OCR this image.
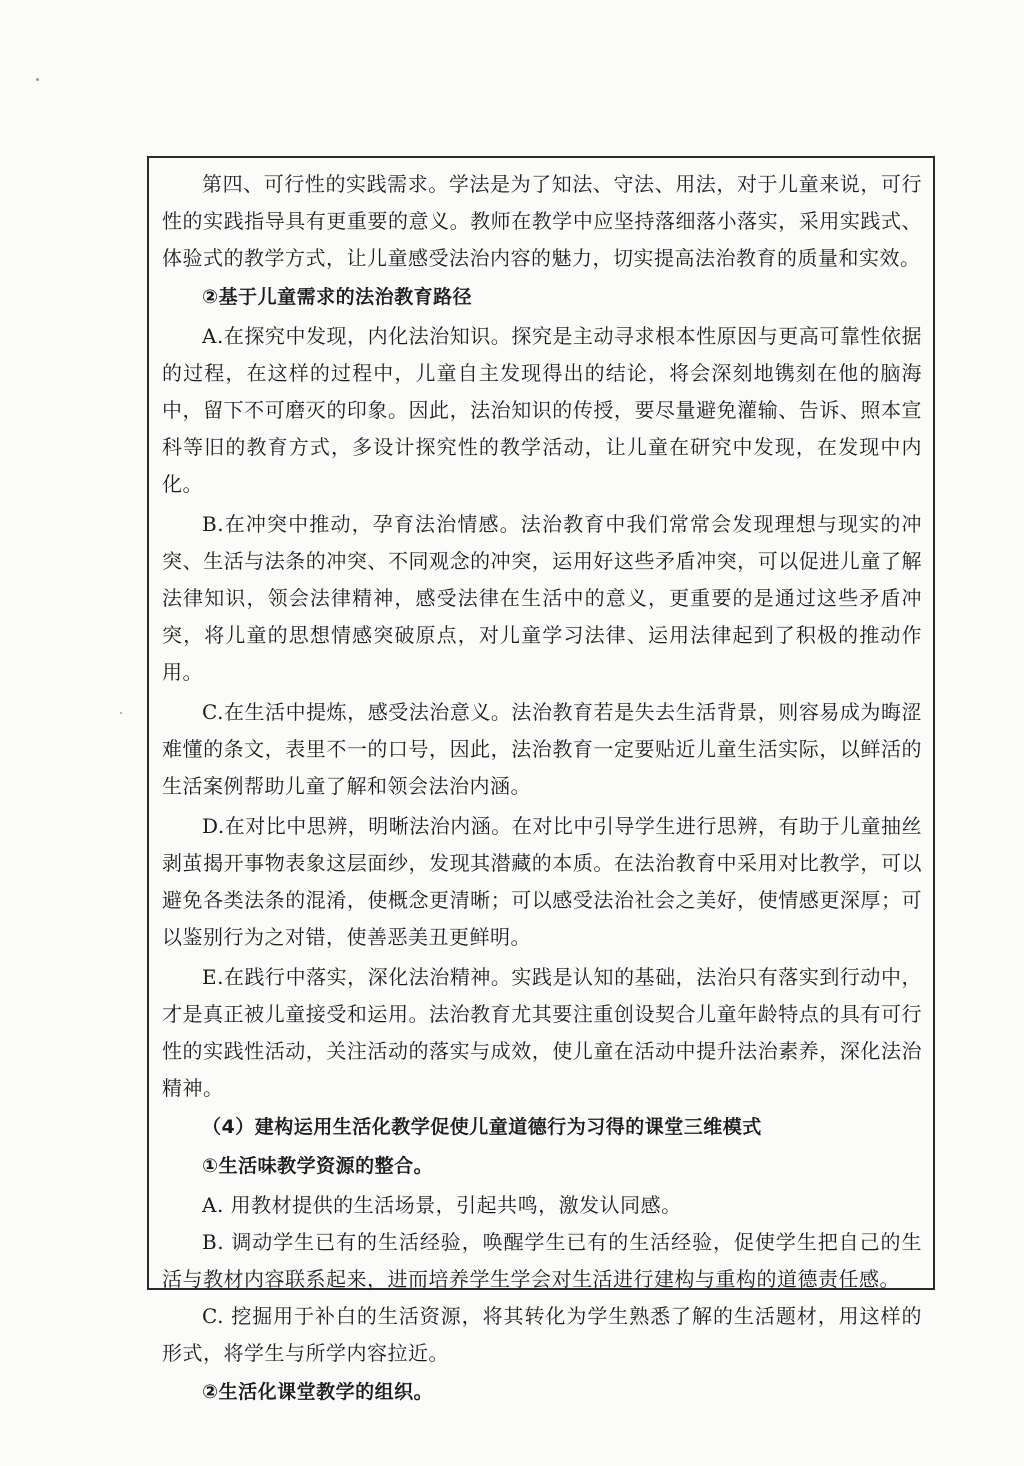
第四、可行性的实践需求。学法是为了知法、守法、用法，对于儿童来说，可行性的实践指导具有更重要的意义。教师在教学中应坚持落细落小落实，采用实践式、体验式的教学方式，让儿童感受法治内容的魅力，切实提高法治教育的质量和实效。

②基于儿童需求的法治教育路径

A.在探究中发现，内化法治知识。探究是主动寻求根本性原因与更高可靠性依据的过程，在这样的过程中，儿童自主发现得出的结论，将会深刻地镌刻在他的脑海中，留下不可磨灭的印象。因此，法治知识的传授，要尽量避免灌输、告诉、照本宣科等旧的教育方式，多设计探究性的教学活动，让儿童在研究中发现，在发现中内化。

B.在冲突中推动，孕育法治情感。法治教育中我们常常会发现理想与现实的冲突、生活与法条的冲突、不同观念的冲突，运用好这些矛盾冲突，可以促进儿童了解法律知识，领会法律精神，感受法律在生活中的意义，更重要的是通过这些矛盾冲突，将儿童的思想情感突破原点，对儿童学习法律、运用法律起到了积极的推动作用。

C.在生活中提炼，感受法治意义。法治教育若是失去生活背景，则容易成为晦涩难懂的条文，表里不一的口号，因此，法治教育一定要贴近儿童生活实际，以鲜活的生活案例帮助儿童了解和领会法治内涵。

D.在对比中思辨，明晰法治内涵。在对比中引导学生进行思辨，有助于儿童抽丝剥茧揭开事物表象这层面纱，发现其潜藏的本质。在法治教育中采用对比教学，可以避免各类法条的混淆，使概念更清晰；可以感受法治社会之美好，使情感更深厚；可以鉴别行为之对错，使善恶美丑更鲜明。

E.在践行中落实，深化法治精神。实践是认知的基础，法治只有落实到行动中，才是真正被儿童接受和运用。法治教育尤其要注重创设契合儿童年龄特点的具有可行性的实践性活动，关注活动的落实与成效，使儿童在活动中提升法治素养，深化法治精神。

（4）建构运用生活化教学促使儿童道德行为习得的课堂三维模式

①生活味教学资源的整合。

A. 用教材提供的生活场景，引起共鸣，激发认同感。

B. 调动学生已有的生活经验，唤醒学生已有的生活经验，促使学生把自己的生活与教材内容联系起来，进而培养学生学会对生活进行建构与重构的道德责任感。

C. 挖掘用于补白的生活资源，将其转化为学生熟悉了解的生活题材，用这样的形式，将学生与所学内容拉近。

②生活化课堂教学的组织。
